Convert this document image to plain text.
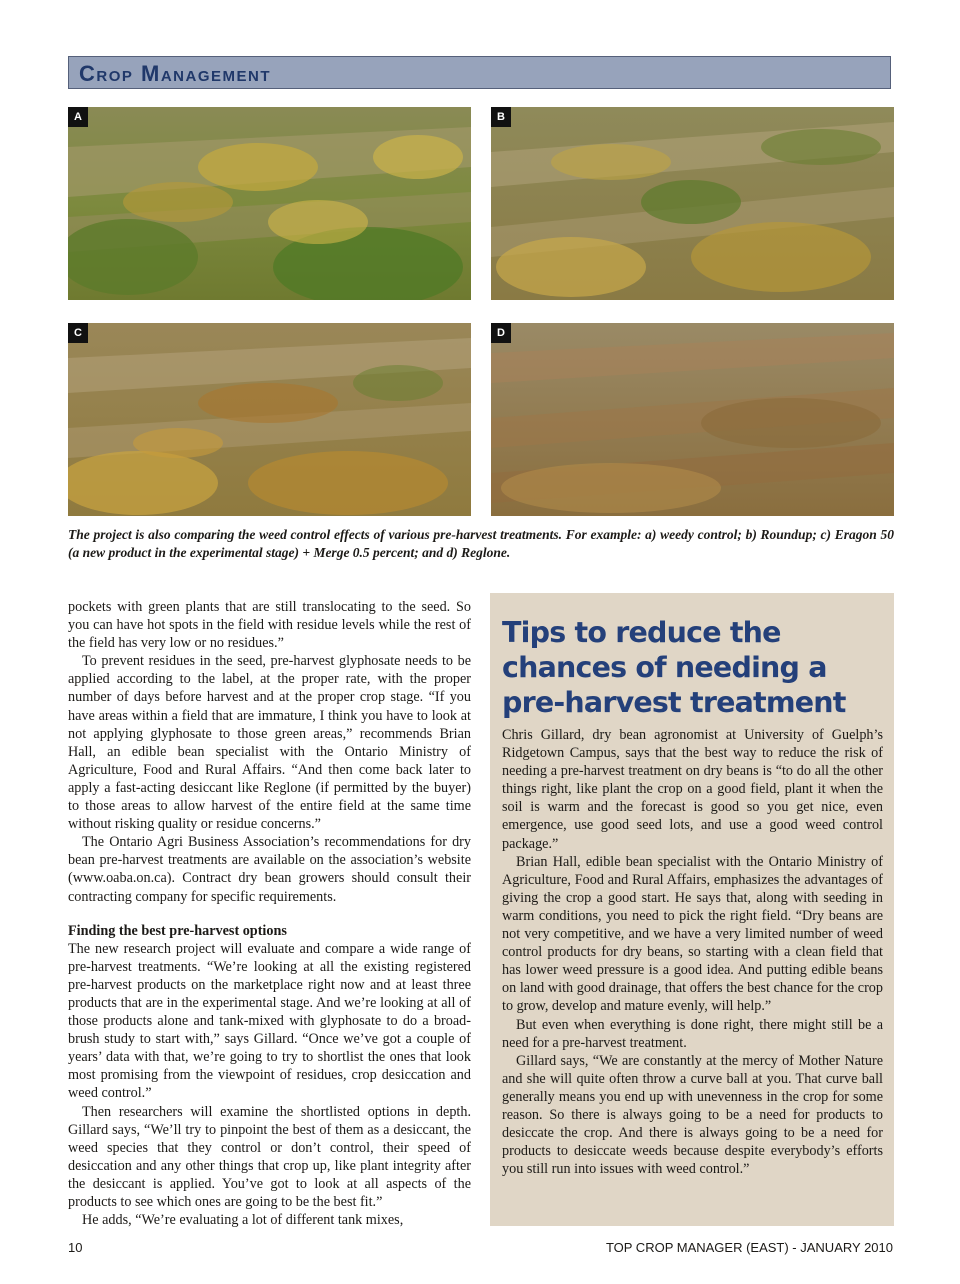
Crop Management
A	B
C	D
The project is also comparing the weed control effects of various pre-harvest treatments. For example: a) weedy control; b) Roundup; c) Eragon 50 (a new product in the experimental stage) + Merge 0.5 percent; and d) Reglone.

pockets with green plants that are still translocating to the seed. So you can have hot spots in the field with residue levels while the rest of the field has very low or no residues.”

To prevent residues in the seed, pre-harvest glyphosate needs to be applied according to the label, at the proper rate, with the proper number of days before harvest and at the proper crop stage. “If you have areas within a field that are immature, I think you have to look at not applying glyphosate to those green areas,” recommends Brian Hall, an edible bean specialist with the Ontario Ministry of Agriculture, Food and Rural Affairs. “And then come back later to apply a fast-acting desiccant like Reglone (if permitted by the buyer) to those areas to allow harvest of the entire field at the same time without risking quality or residue concerns.”

The Ontario Agri Business Association’s recommendations for dry bean pre-harvest treatments are available on the association’s website (www.oaba.on.ca). Contract dry bean growers should consult their contracting company for specific requirements.

Finding the best pre-harvest options

The new research project will evaluate and compare a wide range of pre-harvest treatments. “We’re looking at all the existing registered pre-harvest products on the marketplace right now and at least three products that are in the experimental stage. And we’re looking at all of those products alone and tank-mixed with glyphosate to do a broad-brush study to start with,” says Gillard. “Once we’ve got a couple of years’ data with that, we’re going to try to shortlist the ones that look most promising from the viewpoint of residues, crop desiccation and weed control.”

Then researchers will examine the shortlisted options in depth. Gillard says, “We’ll try to pinpoint the best of them as a desiccant, the weed species that they control or don’t control, their speed of desiccation and any other things that crop up, like plant integrity after the desiccant is applied. You’ve got to look at all aspects of the products to see which ones are going to be the best fit.”

He adds, “We’re evaluating a lot of different tank mixes,

Tips to reduce the chances of needing a pre-harvest treatment

Chris Gillard, dry bean agronomist at University of Guelph’s Ridgetown Campus, says that the best way to reduce the risk of needing a pre-harvest treatment on dry beans is “to do all the other things right, like plant the crop on a good field, plant it when the soil is warm and the forecast is good so you get nice, even emergence, use good seed lots, and use a good weed control package.”

Brian Hall, edible bean specialist with the Ontario Ministry of Agriculture, Food and Rural Affairs, emphasizes the advantages of giving the crop a good start. He says that, along with seeding in warm conditions, you need to pick the right field. “Dry beans are not very competitive, and we have a very limited number of weed control products for dry beans, so starting with a clean field that has lower weed pressure is a good idea. And putting edible beans on land with good drainage, that offers the best chance for the crop to grow, develop and mature evenly, will help.”

But even when everything is done right, there might still be a need for a pre-harvest treatment.

Gillard says, “We are constantly at the mercy of Mother Nature and she will quite often throw a curve ball at you. That curve ball generally means you end up with unevenness in the crop for some reason. So there is always going to be a need for products to desiccate the crop. And there is always going to be a need for products to desiccate weeds because despite everybody’s efforts you still run into issues with weed control.”

10	TOP CROP MANAGER (EAST) - JANUARY 2010
